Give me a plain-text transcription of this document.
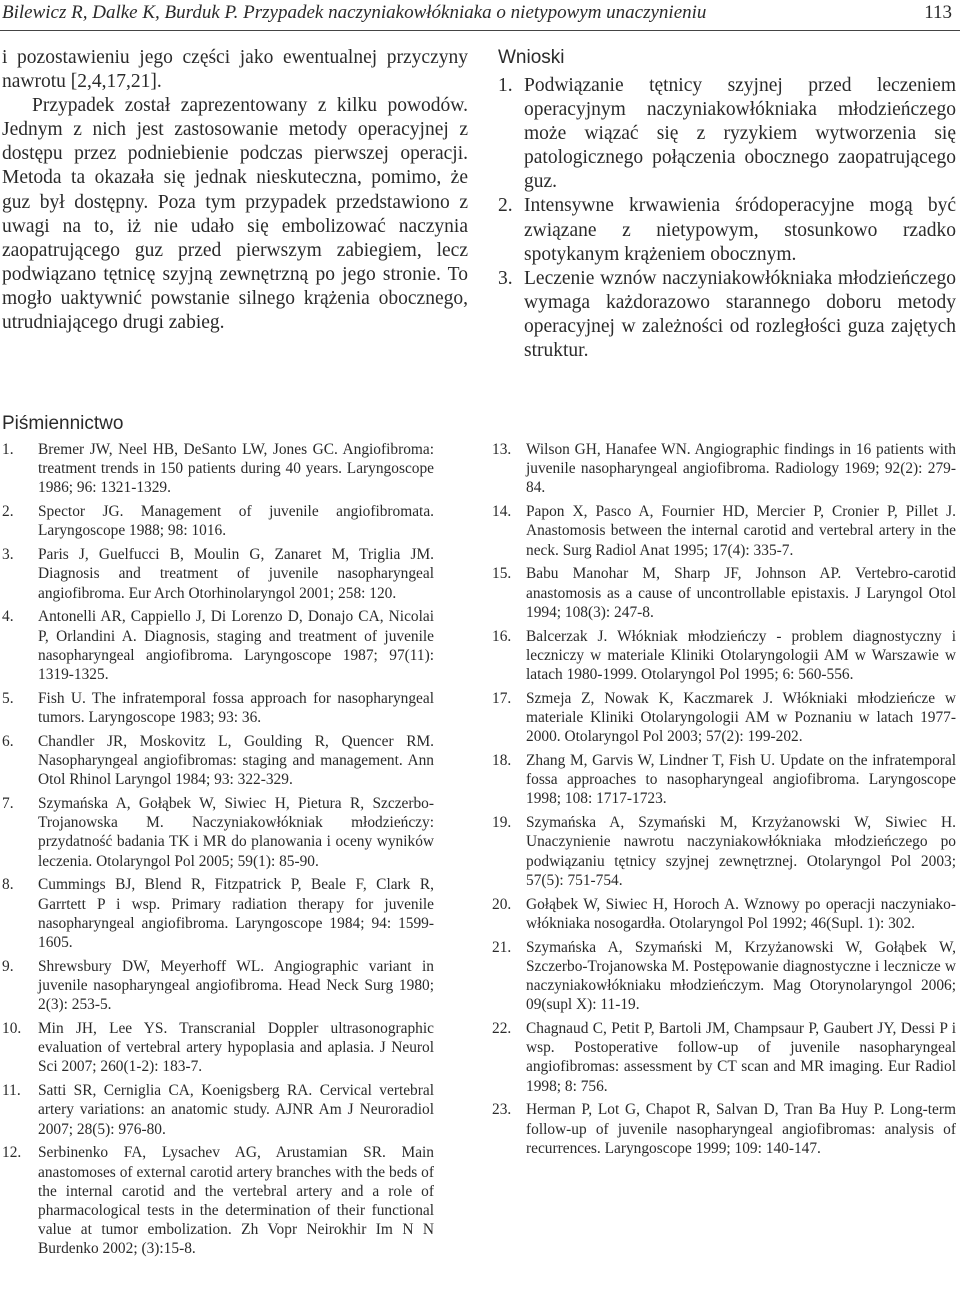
Bilewicz R, Dalke K, Burduk P. Przypadek naczyniakowłókniaka o nietypowym unaczynieniu	113

i pozostawieniu jego części jako ewentualnej przyczyny nawrotu [2,4,17,21].

Przypadek został zaprezentowany z kilku powodów. Jednym z nich jest zastosowanie metody operacyjnej z dostępu przez podniebienie podczas pierwszej operacji. Metoda ta okazała się jednak nieskuteczna, pomimo, że guz był dostępny. Poza tym przypadek przedstawiono z uwagi na to, iż nie udało się embolizować naczynia zaopatrującego guz przed pierwszym zabiegiem, lecz podwiązano tętnicę szyjną zewnętrzną po jego stronie. To mogło uaktywnić powstanie silnego krążenia obocznego, utrudniającego drugi zabieg.

Wnioski
1. Podwiązanie tętnicy szyjnej przed leczeniem operacyjnym naczyniakowłókniaka młodzieńczego może wiązać się z ryzykiem wytworzenia się patologicznego połączenia obocznego zaopatrującego guz.
2. Intensywne krwawienia śródoperacyjne mogą być związane z nietypowym, stosunkowo rzadko spotykanym krążeniem obocznym.
3. Leczenie wznów naczyniakowłókniaka młodzieńczego wymaga każdorazowo starannego doboru metody operacyjnej w zależności od rozległości guza zajętych struktur.
Piśmiennictwo
1. Bremer JW, Neel HB, DeSanto LW, Jones GC. Angiofibroma: treatment trends in 150 patients during 40 years. Laryngoscope 1986; 96: 1321-1329.
2. Spector JG. Management of juvenile angiofibromata. Laryngoscope 1988; 98: 1016.
3. Paris J, Guelfucci B, Moulin G, Zanaret M, Triglia JM. Diagnosis and treatment of juvenile nasopharyngeal angiofibroma. Eur Arch Otorhinolaryngol 2001; 258: 120.
4. Antonelli AR, Cappiello J, Di Lorenzo D, Donajo CA, Nicolai P, Orlandini A. Diagnosis, staging and treatment of juvenile nasopharyngeal angiofibroma. Laryngoscope 1987; 97(11): 1319-1325.
5. Fish U. The infratemporal fossa approach for nasopharyngeal tumors. Laryngoscope 1983; 93: 36.
6. Chandler JR, Moskovitz L, Goulding R, Quencer RM. Nasopharyngeal angiofibromas: staging and management. Ann Otol Rhinol Laryngol 1984; 93: 322-329.
7. Szymańska A, Gołąbek W, Siwiec H, Pietura R, Szczerbo-Trojanowska M. Naczyniakowłókniak młodzieńczy: przydatność badania TK i MR do planowania i oceny wyników leczenia. Otolaryngol Pol 2005; 59(1): 85-90.
8. Cummings BJ, Blend R, Fitzpatrick P, Beale F, Clark R, Garrtett P i wsp. Primary radiation therapy for juvenile nasopharyngeal angiofibroma. Laryngoscope 1984; 94: 1599-1605.
9. Shrewsbury DW, Meyerhoff WL. Angiographic variant in juvenile nasopharyngeal angiofibroma. Head Neck Surg 1980; 2(3): 253-5.
10. Min JH, Lee YS. Transcranial Doppler ultrasonographic evaluation of vertebral artery hypoplasia and aplasia. J Neurol Sci 2007; 260(1-2): 183-7.
11. Satti SR, Cerniglia CA, Koenigsberg RA. Cervical vertebral artery variations: an anatomic study. AJNR Am J Neuroradiol 2007; 28(5): 976-80.
12. Serbinenko FA, Lysachev AG, Arustamian SR. Main anastomoses of external carotid artery branches with the beds of the internal carotid and the vertebral artery and a role of pharmacological tests in the determination of their functional value at tumor embolization. Zh Vopr Neirokhir Im N N Burdenko 2002; (3):15-8.
13. Wilson GH, Hanafee WN. Angiographic findings in 16 patients with juvenile nasopharyngeal angiofibroma. Radiology 1969; 92(2): 279-84.
14. Papon X, Pasco A, Fournier HD, Mercier P, Cronier P, Pillet J. Anastomosis between the internal carotid and vertebral artery in the neck. Surg Radiol Anat 1995; 17(4): 335-7.
15. Babu Manohar M, Sharp JF, Johnson AP. Vertebro-carotid anastomosis as a cause of uncontrollable epistaxis. J Laryngol Otol 1994; 108(3): 247-8.
16. Balcerzak J. Włókniak młodzieńczy - problem diagnostyczny i leczniczy w materiale Kliniki Otolaryngologii AM w Warszawie w latach 1980-1999. Otolaryngol Pol 1995; 6: 560-556.
17. Szmeja Z, Nowak K, Kaczmarek J. Włókniaki młodzieńcze w materiale Kliniki Otolaryngologii AM w Poznaniu w latach 1977-2000. Otolaryngol Pol 2003; 57(2): 199-202.
18. Zhang M, Garvis W, Lindner T, Fish U. Update on the infratemporal fossa approaches to nasopharyngeal angiofibroma. Laryngoscope 1998; 108: 1717-1723.
19. Szymańska A, Szymański M, Krzyżanowski W, Siwiec H. Unaczynienie nawrotu naczyniakowłókniaka młodzieńczego po podwiązaniu tętnicy szyjnej zewnętrznej. Otolaryngol Pol 2003; 57(5): 751-754.
20. Gołąbek W, Siwiec H, Horoch A. Wznowy po operacji naczyniako-włókniaka nosogardła. Otolaryngol Pol 1992; 46(Supl. 1): 302.
21. Szymańska A, Szymański M, Krzyżanowski W, Gołąbek W, Szczerbo-Trojanowska M. Postępowanie diagnostyczne i lecznicze w naczyniakowłókniaku młodzieńczym. Mag Otorynolaryngol 2006; 09(supl X): 11-19.
22. Chagnaud C, Petit P, Bartoli JM, Champsaur P, Gaubert JY, Dessi P i wsp. Postoperative follow-up of juvenile nasopharyngeal angiofibromas: assessment by CT scan and MR imaging. Eur Radiol 1998; 8: 756.
23. Herman P, Lot G, Chapot R, Salvan D, Tran Ba Huy P. Long-term follow-up of juvenile nasopharyngeal angiofibromas: analysis of recurrences. Laryngoscope 1999; 109: 140-147.
